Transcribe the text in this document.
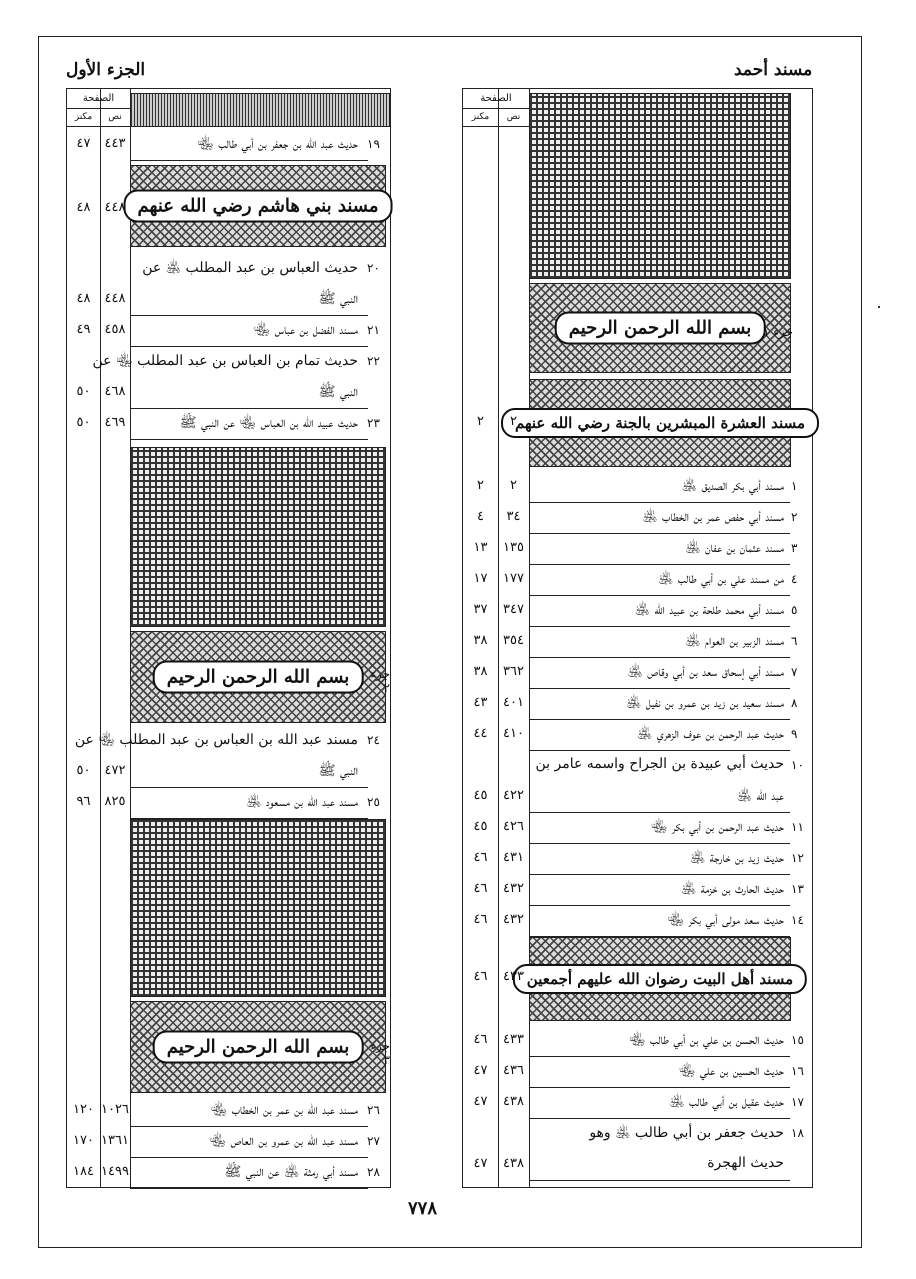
مسند أحمد
الجزء الأول
الصفحة
نص
مكنز
بسم الله الرحمن الرحيم جزء ١
مسند العشرة المبشرين بالجنة رضي الله عنهم
٢
٢
١
مسند أبي بكر الصديق ﵁
٢
٢
٢
مسند أبي حفص عمر بن الخطاب ﵁
٣٤
٤
٣
مسند عثمان بن عفان ﵁
١٣٥
١٣
٤
من مسند علي بن أبي طالب ﵁
١٧٧
١٧
٥
مسند أبي محمد طلحة بن عبيد الله ﵁
٣٤٧
٣٧
٦
مسند الزبير بن العوام ﵁
٣٥٤
٣٨
٧
مسند أبي إسحاق سعد بن أبي وقاص ﵁
٣٦٢
٣٨
٨
مسند سعيد بن زيد بن عمرو بن نفيل ﵁
٤٠١
٤٣
٩
حديث عبد الرحمن بن عوف الزهري ﵁
٤١٠
٤٤
١٠
حديث أبي عبيدة بن الجراح واسمه عامر بن
عبد الله ﵁
٤٢٢
٤٥
١١
حديث عبد الرحمن بن أبي بكر ﵄
٤٢٦
٤٥
١٢
حديث زيد بن خارجة ﵁
٤٣١
٤٦
١٣
حديث الحارث بن خزمة ﵁
٤٣٢
٤٦
١٤
حديث سعد مولى أبي بكر ﵄
٤٣٢
٤٦
مسند أهل البيت رضوان الله عليهم أجمعين
٤٣٣
٤٦
١٥
حديث الحسن بن علي بن أبي طالب ﵄
٤٣٣
٤٦
١٦
حديث الحسين بن علي ﵄
٤٣٦
٤٧
١٧
حديث عقيل بن أبي طالب ﵁
٤٣٨
٤٧
١٨
حديث جعفر بن أبي طالب ﵁ وهو
حديث الهجرة
٤٣٨
٤٧
الصفحة
نص
مكنز
١٩
حديث عبد الله بن جعفر بن أبي طالب ﵄
٤٤٣
٤٧
مسند بني هاشم رضي الله عنهم
٤٤٨
٤٨
٢٠
حديث العباس بن عبد المطلب ﵁ عن
النبي ﷺ
٤٤٨
٤٨
٢١
مسند الفضل بن عباس ﵄
٤٥٨
٤٩
٢٢
حديث تمام بن العباس بن عبد المطلب ﵄ عن
النبي ﷺ
٤٦٨
٥٠
٢٣
حديث عبيد الله بن العباس ﵄ عن النبي ﷺ
٤٦٩
٥٠
بسم الله الرحمن الرحيم	جزء ٢
٢٤
مسند عبد الله بن العباس بن عبد المطلب ﵄ عن
النبي ﷺ
٤٧٢
٥٠
٢٥
مسند عبد الله بن مسعود ﵁
٨٢٥
٩٦
بسم الله الرحمن الرحيم	جزء ٣
٢٦
مسند عبد الله بن عمر بن الخطاب ﵄
١٠٢٦
١٢٠
٢٧
مسند عبد الله بن عمرو بن العاص ﵄
١٣٦١
١٧٠
٢٨
مسند أبي رمثة ﵁ عن النبي ﷺ
١٤٩٩
١٨٤
٧٧٨
